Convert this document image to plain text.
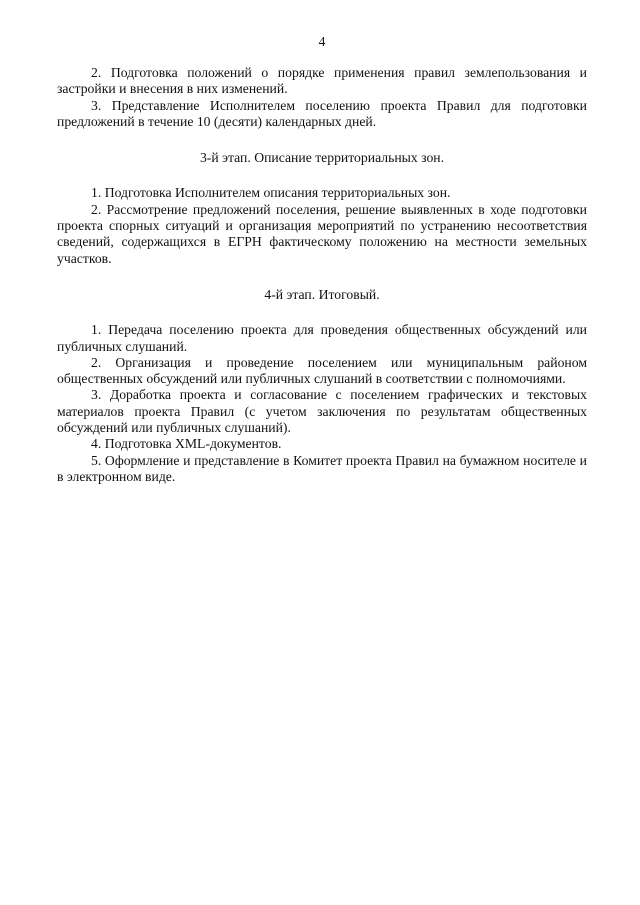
4

2. Подготовка положений о порядке применения правил землепользования и застройки и внесения в них изменений.

3. Представление Исполнителем поселению проекта Правил для подготовки предложений в течение 10 (десяти) календарных дней.

3-й этап. Описание территориальных зон.

1. Подготовка Исполнителем описания территориальных зон.

2. Рассмотрение предложений поселения, решение выявленных в ходе подготовки проекта спорных ситуаций и организация мероприятий по устранению несоответствия сведений, содержащихся в ЕГРН фактическому положению на местности земельных участков.

4-й этап. Итоговый.

1. Передача поселению проекта для проведения общественных обсуждений или публичных слушаний.

2. Организация и проведение поселением или муниципальным районом общественных обсуждений или публичных слушаний в соответствии с полномочиями.

3. Доработка проекта и согласование с поселением графических и текстовых материалов проекта Правил (с учетом заключения по результатам общественных обсуждений или публичных слушаний).

4. Подготовка XML-документов.

5. Оформление и представление в Комитет проекта Правил на бумажном носителе и в электронном виде.
